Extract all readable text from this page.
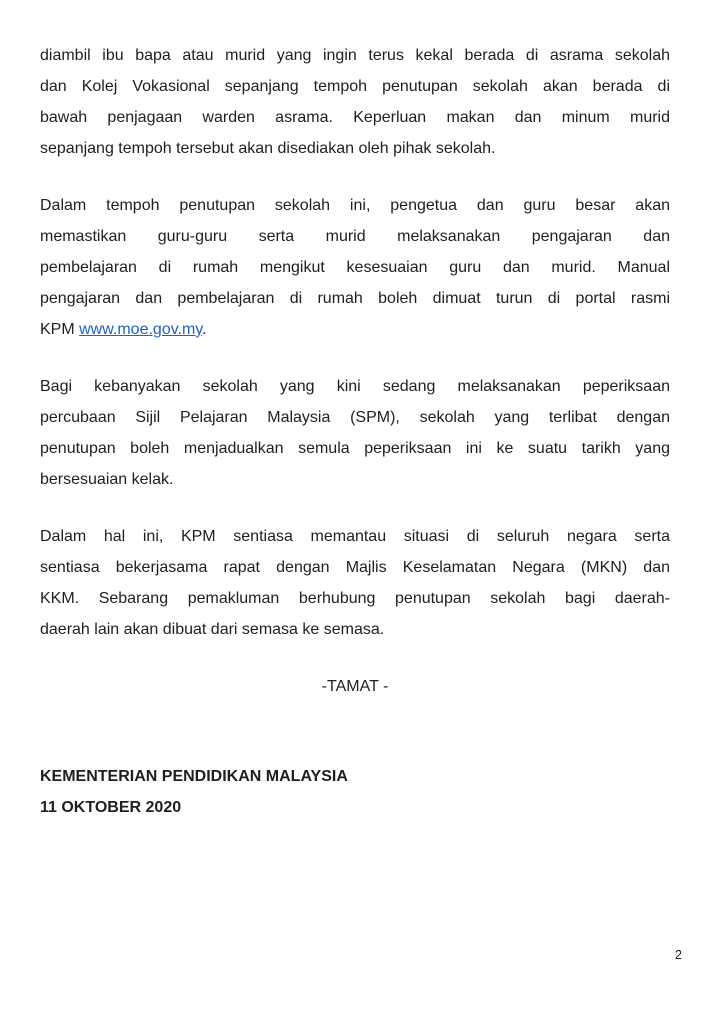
diambil ibu bapa atau murid yang ingin terus kekal berada di asrama sekolah
dan Kolej Vokasional sepanjang tempoh penutupan sekolah akan berada di
bawah penjagaan warden asrama. Keperluan makan dan minum murid
sepanjang tempoh tersebut akan disediakan oleh pihak sekolah.
Dalam tempoh penutupan sekolah ini, pengetua dan guru besar akan
memastikan guru-guru serta murid melaksanakan pengajaran dan
pembelajaran di rumah mengikut kesesuaian guru dan murid. Manual
pengajaran dan pembelajaran di rumah boleh dimuat turun di portal rasmi
KPM www.moe.gov.my.
Bagi kebanyakan sekolah yang kini sedang melaksanakan peperiksaan
percubaan Sijil Pelajaran Malaysia (SPM), sekolah yang terlibat dengan
penutupan boleh menjadualkan semula peperiksaan ini ke suatu tarikh yang
bersesuaian kelak.
Dalam hal ini, KPM sentiasa memantau situasi di seluruh negara serta
sentiasa bekerjasama rapat dengan Majlis Keselamatan Negara (MKN) dan
KKM. Sebarang pemakluman berhubung penutupan sekolah bagi daerah-
daerah lain akan dibuat dari semasa ke semasa.
-TAMAT -
KEMENTERIAN PENDIDIKAN MALAYSIA
11 OKTOBER 2020
2
